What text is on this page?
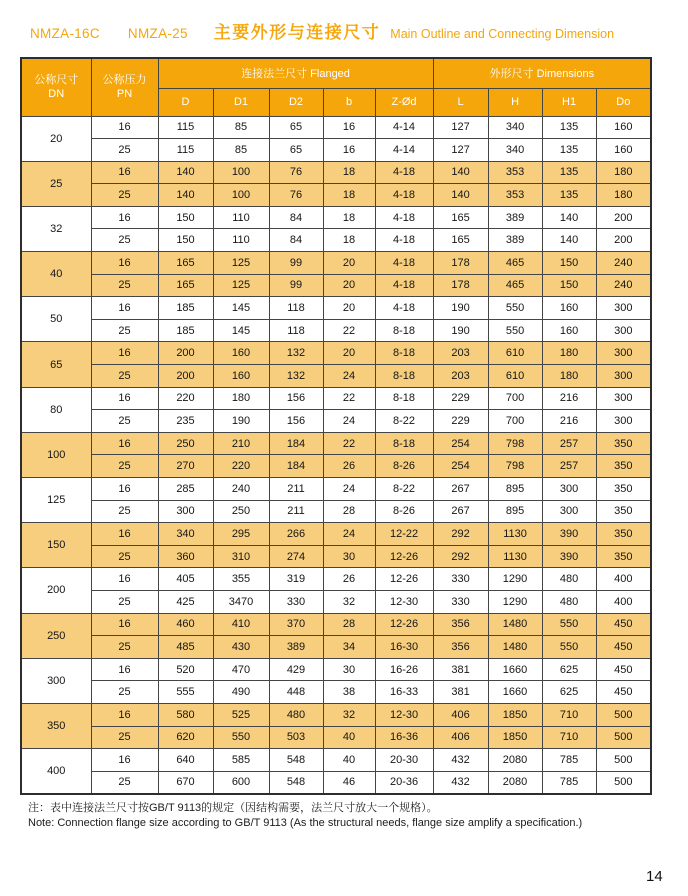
NMZA-16C NMZA-25 主要外形与连接尺寸 Main Outline and Connecting Dimension
公称尺寸
DN

公称压力
PN
	连接法兰尺寸 Flanged	外形尺寸 Dimensions
		D	D1	D2	b	Z-Ød	L	H	H1	Do
20	16	115	85	65	16	4-14	127	340	135	160
	25	115	85	65	16	4-14	127	340	135	160
25	16	140	100	76	18	4-18	140	353	135	180
	25	140	100	76	18	4-18	140	353	135	180
32	16	150	110	84	18	4-18	165	389	140	200
	25	150	110	84	18	4-18	165	389	140	200
40	16	165	125	99	20	4-18	178	465	150	240
	25	165	125	99	20	4-18	178	465	150	240
50	16	185	145	118	20	4-18	190	550	160	300
	25	185	145	118	22	8-18	190	550	160	300
65	16	200	160	132	20	8-18	203	610	180	300
	25	200	160	132	24	8-18	203	610	180	300
80	16	220	180	156	22	8-18	229	700	216	300
	25	235	190	156	24	8-22	229	700	216	300
100	16	250	210	184	22	8-18	254	798	257	350
	25	270	220	184	26	8-26	254	798	257	350
125	16	285	240	211	24	8-22	267	895	300	350
	25	300	250	211	28	8-26	267	895	300	350
150	16	340	295	266	24	12-22	292	1130	390	350
	25	360	310	274	30	12-26	292	1130	390	350
200	16	405	355	319	26	12-26	330	1290	480	400
	25	425	3470	330	32	12-30	330	1290	480	400
250	16	460	410	370	28	12-26	356	1480	550	450
	25	485	430	389	34	16-30	356	1480	550	450
300	16	520	470	429	30	16-26	381	1660	625	450
	25	555	490	448	38	16-33	381	1660	625	450
350	16	580	525	480	32	12-30	406	1850	710	500
	25	620	550	503	40	16-36	406	1850	710	500
400	16	640	585	548	40	20-30	432	2080	785	500
	25	670	600	548	46	20-36	432	2080	785	500
注：表中连接法兰尺寸按GB/T 9113的规定（因结构需要，法兰尺寸放大一个规格）。
Note: Connection flange size according to GB/T 9113 (As the structural needs, flange size amplify a specification.)
14
